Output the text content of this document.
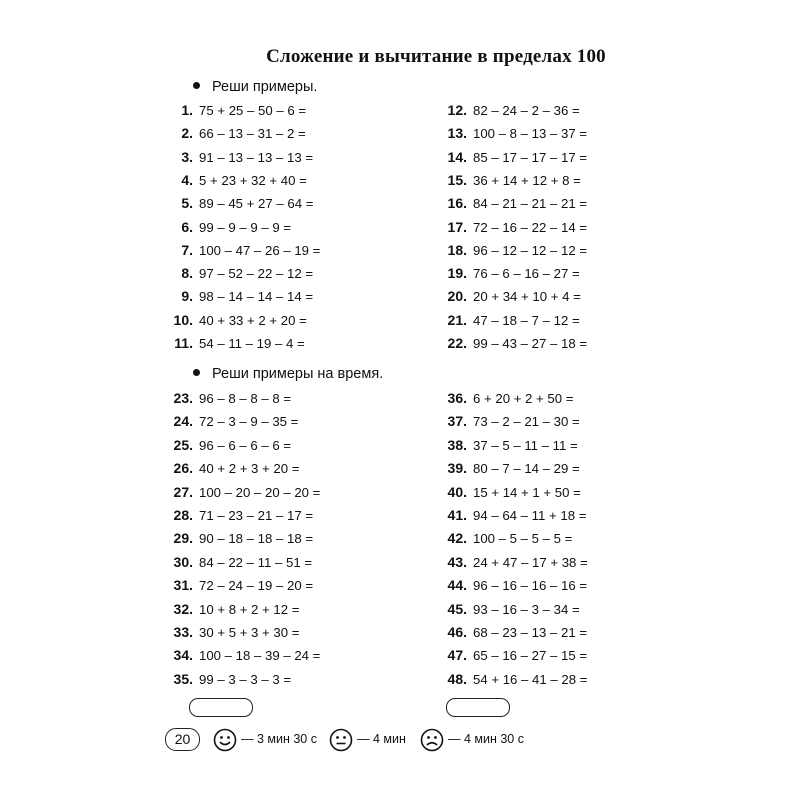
Сложение и вычитание в пределах 100
Реши примеры.
1. 75 + 25 – 50 – 6 =
2. 66 – 13 – 31 – 2 =
3. 91 – 13 – 13 – 13 =
4. 5 + 23 + 32 + 40 =
5. 89 – 45 + 27 – 64 =
6. 99 – 9 – 9 – 9 =
7. 100 – 47 – 26 – 19 =
8. 97 – 52 – 22 – 12 =
9. 98 – 14 – 14 – 14 =
10. 40 + 33 + 2 + 20 =
11. 54 – 11 – 19 – 4 =
12. 82 – 24 – 2 – 36 =
13. 100 – 8 – 13 – 37 =
14. 85 – 17 – 17 – 17 =
15. 36 + 14 + 12 + 8 =
16. 84 – 21 – 21 – 21 =
17. 72 – 16 – 22 – 14 =
18. 96 – 12 – 12 – 12 =
19. 76 – 6 – 16 – 27 =
20. 20 + 34 + 10 + 4 =
21. 47 – 18 – 7 – 12 =
22. 99 – 43 – 27 – 18 =
Реши примеры на время.
23. 96 – 8 – 8 – 8 =
24. 72 – 3 – 9 – 35 =
25. 96 – 6 – 6 – 6 =
26. 40 + 2 + 3 + 20 =
27. 100 – 20 – 20 – 20 =
28. 71 – 23 – 21 – 17 =
29. 90 – 18 – 18 – 18 =
30. 84 – 22 – 11 – 51 =
31. 72 – 24 – 19 – 20 =
32. 10 + 8 + 2 + 12 =
33. 30 + 5 + 3 + 30 =
34. 100 – 18 – 39 – 24 =
35. 99 – 3 – 3 – 3 =
36. 6 + 20 + 2 + 50 =
37. 73 – 2 – 21 – 30 =
38. 37 – 5 – 11 – 11 =
39. 80 – 7 – 14 – 29 =
40. 15 + 14 + 1 + 50 =
41. 94 – 64 – 11 + 18 =
42. 100 – 5 – 5 – 5 =
43. 24 + 47 – 17 + 38 =
44. 96 – 16 – 16 – 16 =
45. 93 – 16 – 3 – 34 =
46. 68 – 23 – 13 – 21 =
47. 65 – 16 – 27 – 15 =
48. 54 + 16 – 41 – 28 =
20	— 3 мин 30 с	— 4 мин	— 4 мин 30 с
